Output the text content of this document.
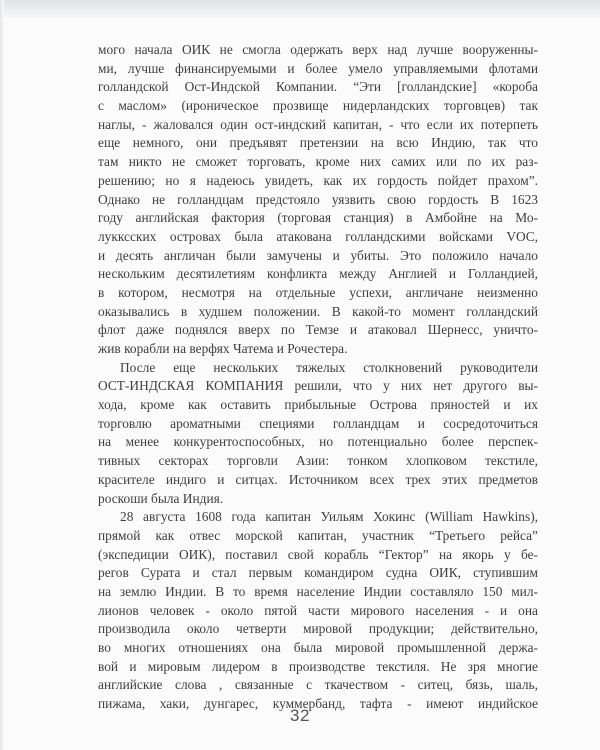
мого начала ОИК не смогла одержать верх над лучше вооруженны-
ми, лучше финансируемыми и более умело управляемыми флотами
голландской Ост-Индской Компании. “Эти [голландские] «короба
с маслом» (ироническое прозвище нидерландских торговцев) так
наглы, - жаловался один ост-индский капитан, - что если их потерпеть
еще немного, они предъявят претензии на всю Индию, так что
там никто не сможет торговать, кроме них самих или по их раз-
решению; но я надеюсь увидеть, как их гордость пойдет прахом”.
Однако не голландцам предстояло уязвить свою гордость В 1623
году английская фактория (торговая станция) в Амбойне на Мо-
лукксских островах была атакована голландскими войсками VOC,
и десять англичан были замучены и убиты. Это положило начало
нескольким десятилетиям конфликта между Англией и Голландией,
в котором, несмотря на отдельные успехи, англичане неизменно
оказывались в худшем положении. В какой-то момент голландский
флот даже поднялся вверх по Темзе и атаковал Шернесс, уничто-
жив корабли на верфях Чатема и Рочестера.
После еще нескольких тяжелых столкновений руководители
ОСТ-ИНДСКАЯ КОМПАНИЯ решили, что у них нет другого вы-
хода, кроме как оставить прибыльные Острова пряностей и их
торговлю ароматными специями голландцам и сосредоточиться
на менее конкурентоспособных, но потенциально более перспек-
тивных секторах торговли Азии: тонком хлопковом текстиле,
красителе индиго и ситцах. Источником всех трех этих предметов
роскоши была Индия.
28 августа 1608 года капитан Уильям Хокинс (William Hawkins),
прямой как отвес морской капитан, участник “Третьего рейса”
(экспедиции ОИК), поставил свой корабль “Гектор” на якорь у бе-
регов Сурата и стал первым командиром судна ОИК, ступившим
на землю Индии. В то время население Индии составляло 150 мил-
лионов человек - около пятой части мирового населения - и она
производила около четверти мировой продукции; действительно,
во многих отношениях она была мировой промышленной держа-
вой и мировым лидером в производстве текстиля. Не зря многие
английские слова , связанные с ткачеством - ситец, бязь, шаль,
пижама, хаки, дунгарес, куммербанд, тафта - имеют индийское
32
